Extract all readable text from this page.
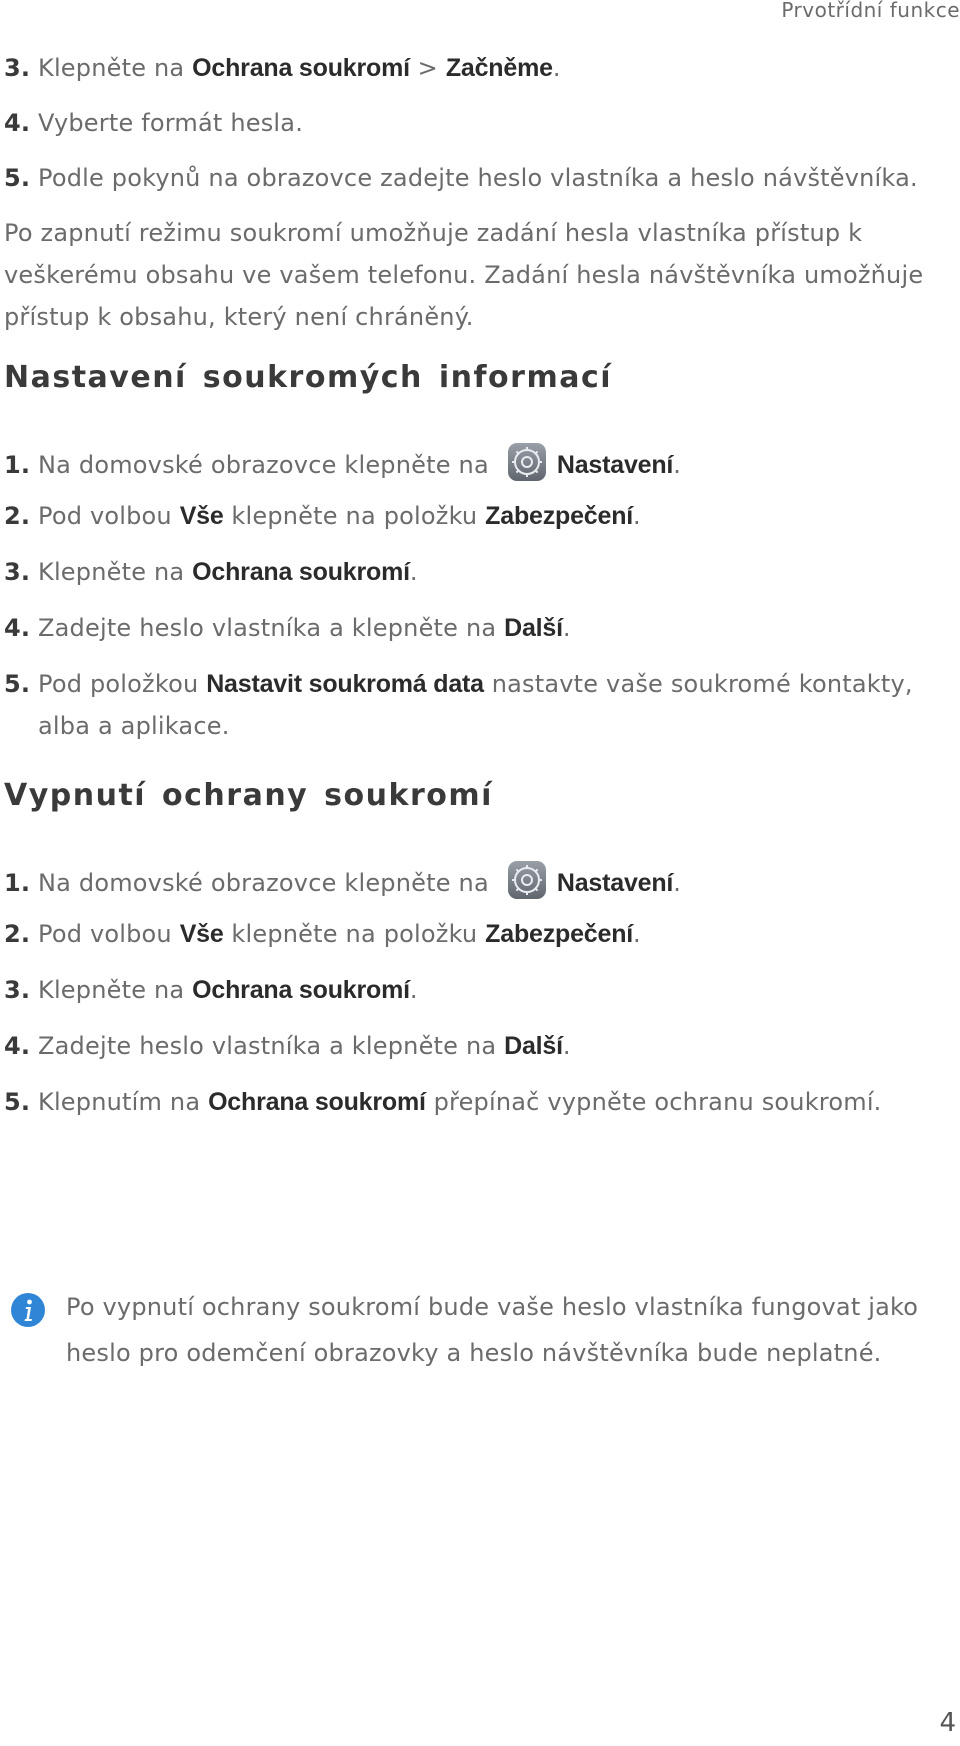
Prvotřídní funkce
3. Klepněte na Ochrana soukromí > Začněme.
4. Vyberte formát hesla.
5. Podle pokynů na obrazovce zadejte heslo vlastníka a heslo návštěvníka.
Po zapnutí režimu soukromí umožňuje zadání hesla vlastníka přístup k
veškerému obsahu ve vašem telefonu. Zadání hesla návštěvníka umožňuje
přístup k obsahu, který není chráněný.
Nastavení soukromých informací
1. Na domovské obrazovce klepněte na	Nastavení.
2. Pod volbou Vše klepněte na položku Zabezpečení.
3. Klepněte na Ochrana soukromí.
4. Zadejte heslo vlastníka a klepněte na Další.
5. Pod položkou Nastavit soukromá data nastavte vaše soukromé kontakty,
alba a aplikace.
Vypnutí ochrany soukromí
1. Na domovské obrazovce klepněte na	Nastavení.
2. Pod volbou Vše klepněte na položku Zabezpečení.
3. Klepněte na Ochrana soukromí.
4. Zadejte heslo vlastníka a klepněte na Další.
5. Klepnutím na Ochrana soukromí přepínač vypněte ochranu soukromí.
Po vypnutí ochrany soukromí bude vaše heslo vlastníka fungovat jako
heslo pro odemčení obrazovky a heslo návštěvníka bude neplatné.
4
